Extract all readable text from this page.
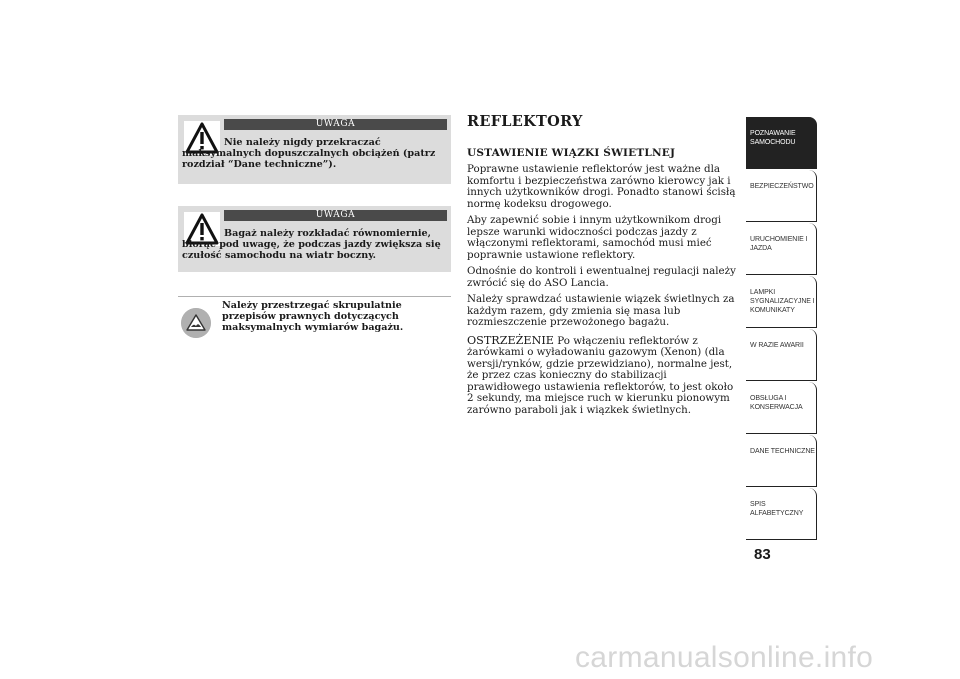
UWAGA
Nie należy nigdy przekraczać maksymalnych dopuszczalnych obciążeń (patrz rozdział “Dane techniczne”).
UWAGA
Bagaż należy rozkładać równomiernie, biorąc pod uwagę, że podczas jazdy zwiększa się czułość samochodu na wiatr boczny.
Należy przestrzegać skrupulatnie przepisów prawnych dotyczących maksymalnych wymiarów bagażu.
REFLEKTORY
USTAWIENIE WIĄZKI ŚWIETLNEJ

Poprawne ustawienie reflektorów jest ważne dla komfortu i bezpieczeństwa zarówno kierowcy jak i innych użytkowników drogi. Ponadto stanowi ścisłą normę kodeksu drogowego.

Aby zapewnić sobie i innym użytkownikom drogi lepsze warunki widoczności podczas jazdy z włączonymi reflektorami, samochód musi mieć poprawnie ustawione reflektory.

Odnośnie do kontroli i ewentualnej regulacji należy zwrócić się do ASO Lancia.

Należy sprawdzać ustawienie wiązek świetlnych za każdym razem, gdy zmienia się masa lub rozmieszczenie przewożonego bagażu.

OSTRZEŻENIE Po włączeniu reflektorów z żarówkami o wyładowaniu gazowym (Xenon) (dla wersji/rynków, gdzie przewidziano), normalne jest, że przez czas konieczny do stabilizacji prawidłowego ustawienia reflektorów, to jest około 2 sekundy, ma miejsce ruch w kierunku pionowym zarówno paraboli jak i wiązkek świetlnych.

POZNAWANIE SAMOCHODU
BEZPIECZEŃSTWO
URUCHOMIENIE I JAZDA
LAMPKI SYGNALIZACYJNE I KOMUNIKATY
W RAZIE AWARII
OBSŁUGA I KONSERWACJA
DANE TECHNICZNE
SPIS ALFABETYCZNY
83
carmanualsonline.info
